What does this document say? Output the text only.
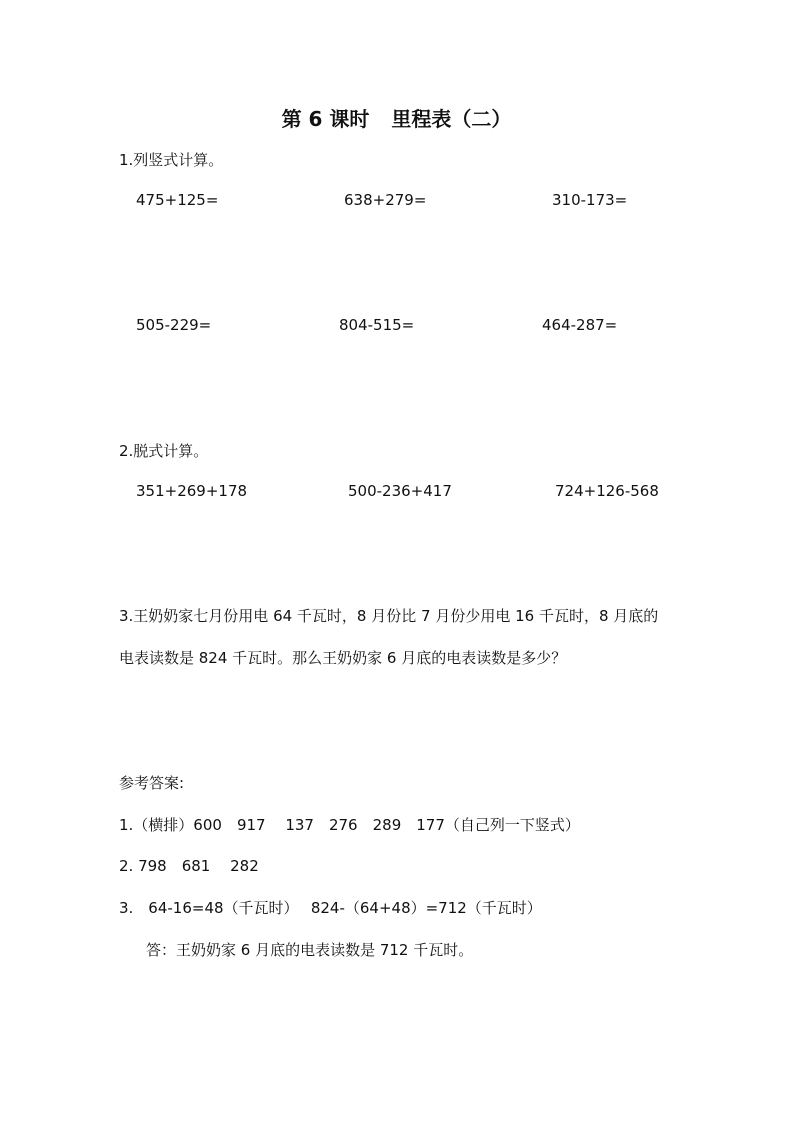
第 6 课时 里程表（二）
1.列竖式计算。
475+125=	638+279=	310-173=
505-229=	804-515=	464-287=
2.脱式计算。
351+269+178	500-236+417	724+126-568
3.王奶奶家七月份用电 64 千瓦时，8 月份比 7 月份少用电 16 千瓦时，8 月底的
电表读数是 824 千瓦时。那么王奶奶家 6 月底的电表读数是多少？
参考答案:
1.（横排）600　917　 137　276　289　177（自己列一下竖式）
2. 798　681　 282
3.　64-16=48（千瓦时）　 824-（64+48）=712（千瓦时）
答：王奶奶家 6 月底的电表读数是 712 千瓦时。
